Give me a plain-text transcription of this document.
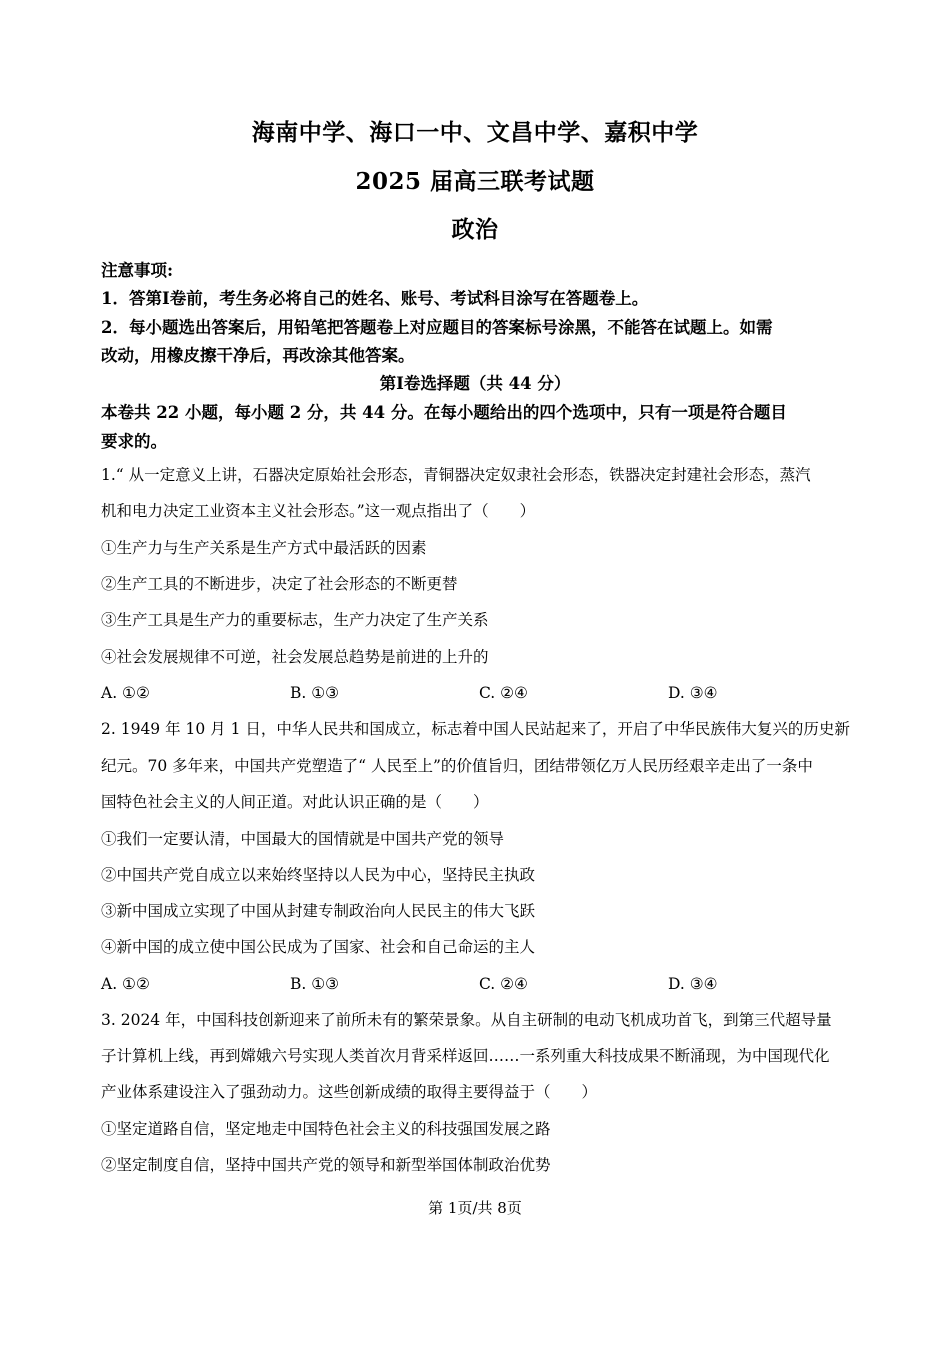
海南中学、海口一中、文昌中学、嘉积中学
2025 届高三联考试题
政治
注意事项:
1．答第Ⅰ卷前，考生务必将自己的姓名、账号、考试科目涂写在答题卷上。
2．每小题选出答案后，用铅笔把答题卷上对应题目的答案标号涂黑，不能答在试题上。如需
改动，用橡皮擦干净后，再改涂其他答案。
第Ⅰ卷选择题（共 44 分）
本卷共 22 小题，每小题 2 分，共 44 分。在每小题给出的四个选项中，只有一项是符合题目
要求的。
1.“ 从一定意义上讲，石器决定原始社会形态，青铜器决定奴隶社会形态，铁器决定封建社会形态，蒸汽
机和电力决定工业资本主义社会形态。”这一观点指出了（　　）
①生产力与生产关系是生产方式中最活跃的因素
②生产工具的不断进步，决定了社会形态的不断更替
③生产工具是生产力的重要标志，生产力决定了生产关系
④社会发展规律不可逆，社会发展总趋势是前进的上升的
A. ①②	B. ①③	C. ②④	D. ③④
2. 1949 年 10 月 1 日，中华人民共和国成立，标志着中国人民站起来了，开启了中华民族伟大复兴的历史新
纪元。70 多年来，中国共产党塑造了“ 人民至上”的价值旨归，团结带领亿万人民历经艰辛走出了一条中
国特色社会主义的人间正道。对此认识正确的是（　　）
①我们一定要认清，中国最大的国情就是中国共产党的领导
②中国共产党自成立以来始终坚持以人民为中心，坚持民主执政
③新中国成立实现了中国从封建专制政治向人民民主的伟大飞跃
④新中国的成立使中国公民成为了国家、社会和自己命运的主人
A. ①②	B. ①③	C. ②④	D. ③④
3. 2024 年，中国科技创新迎来了前所未有的繁荣景象。从自主研制的电动飞机成功首飞，到第三代超导量
子计算机上线，再到嫦娥六号实现人类首次月背采样返回……一系列重大科技成果不断涌现，为中国现代化
产业体系建设注入了强劲动力。这些创新成绩的取得主要得益于（　　）
①坚定道路自信，坚定地走中国特色社会主义的科技强国发展之路
②坚定制度自信，坚持中国共产党的领导和新型举国体制政治优势
第 1页/共 8页
